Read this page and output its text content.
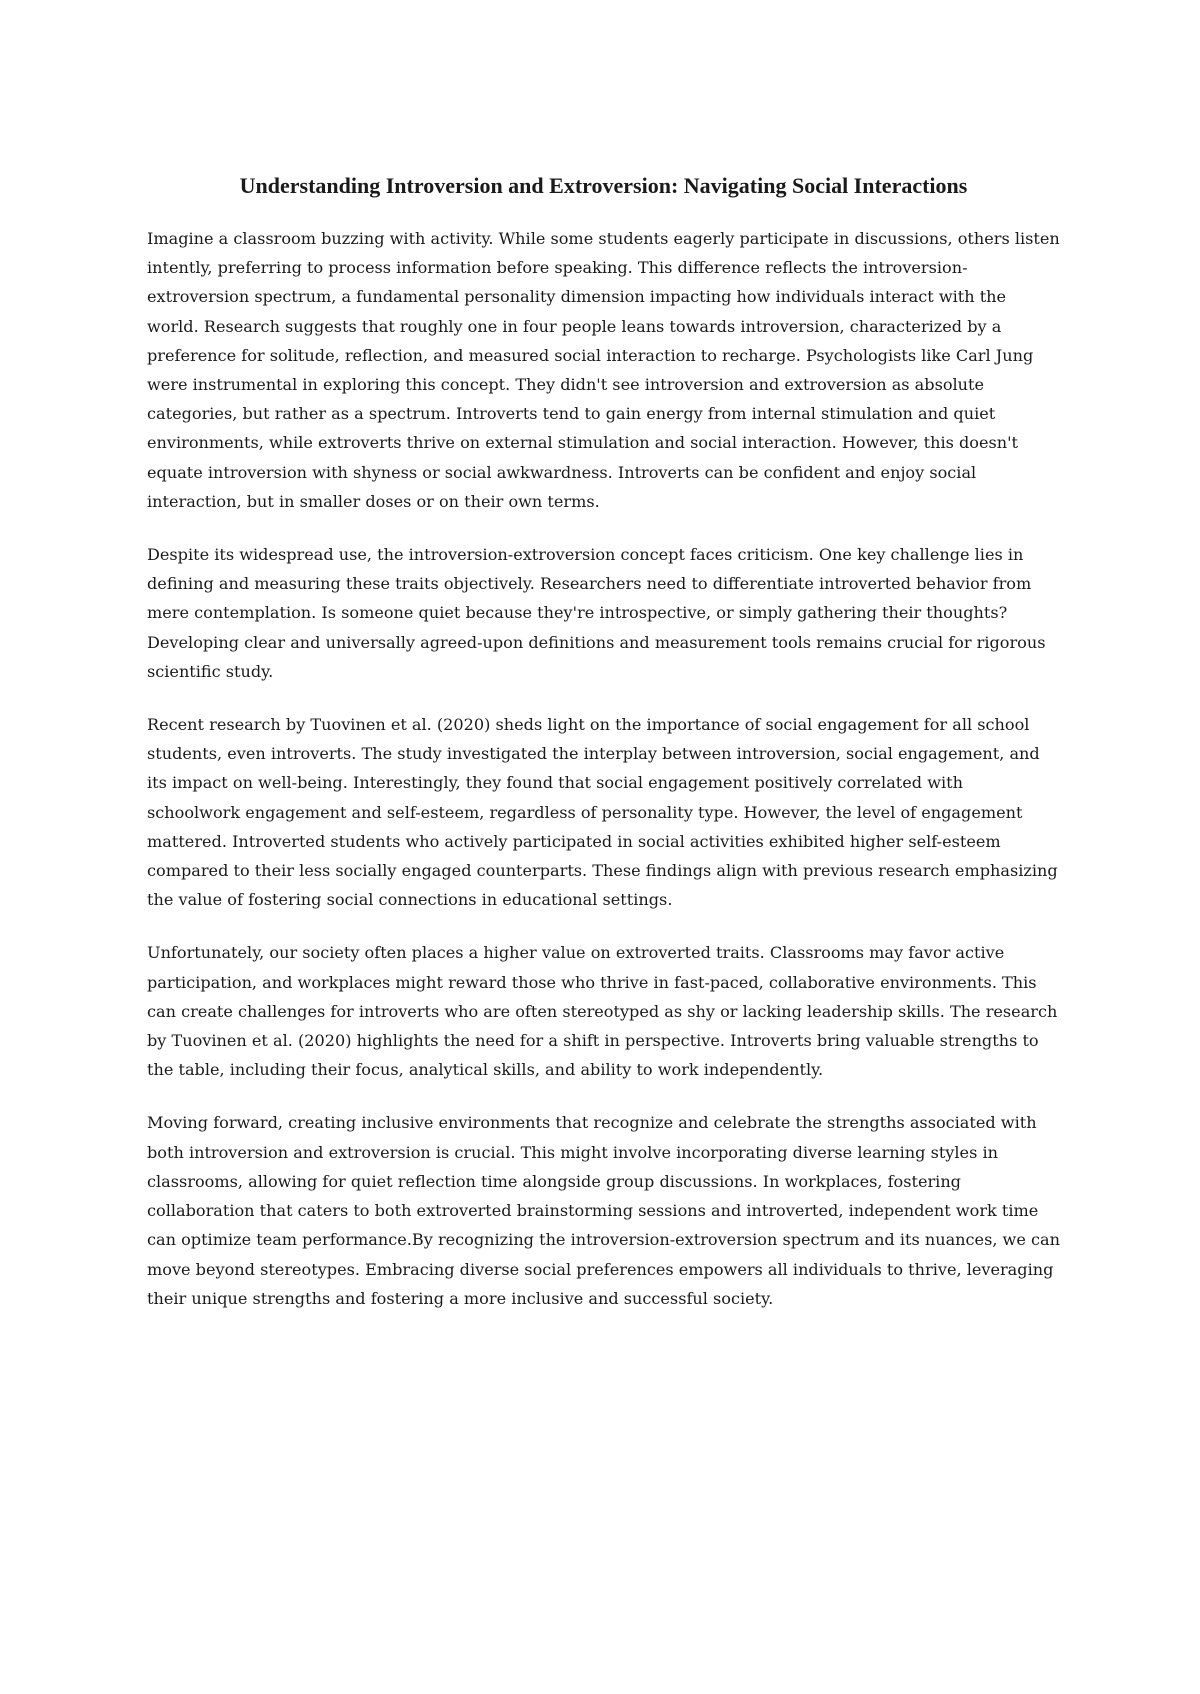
Understanding Introversion and Extroversion: Navigating Social Interactions

Imagine a classroom buzzing with activity. While some students eagerly participate in discussions, others listen intently, preferring to process information before speaking. This difference reflects the introversion-extroversion spectrum, a fundamental personality dimension impacting how individuals interact with the world. Research suggests that roughly one in four people leans towards introversion, characterized by a preference for solitude, reflection, and measured social interaction to recharge. Psychologists like Carl Jung were instrumental in exploring this concept. They didn't see introversion and extroversion as absolute categories, but rather as a spectrum. Introverts tend to gain energy from internal stimulation and quiet environments, while extroverts thrive on external stimulation and social interaction. However, this doesn't equate introversion with shyness or social awkwardness. Introverts can be confident and enjoy social interaction, but in smaller doses or on their own terms.

Despite its widespread use, the introversion-extroversion concept faces criticism. One key challenge lies in defining and measuring these traits objectively. Researchers need to differentiate introverted behavior from mere contemplation. Is someone quiet because they're introspective, or simply gathering their thoughts? Developing clear and universally agreed-upon definitions and measurement tools remains crucial for rigorous scientific study.

Recent research by Tuovinen et al. (2020) sheds light on the importance of social engagement for all school students, even introverts. The study investigated the interplay between introversion, social engagement, and its impact on well-being. Interestingly, they found that social engagement positively correlated with schoolwork engagement and self-esteem, regardless of personality type. However, the level of engagement mattered. Introverted students who actively participated in social activities exhibited higher self-esteem compared to their less socially engaged counterparts. These findings align with previous research emphasizing the value of fostering social connections in educational settings.

Unfortunately, our society often places a higher value on extroverted traits. Classrooms may favor active participation, and workplaces might reward those who thrive in fast-paced, collaborative environments. This can create challenges for introverts who are often stereotyped as shy or lacking leadership skills. The research by Tuovinen et al. (2020) highlights the need for a shift in perspective. Introverts bring valuable strengths to the table, including their focus, analytical skills, and ability to work independently.

Moving forward, creating inclusive environments that recognize and celebrate the strengths associated with both introversion and extroversion is crucial. This might involve incorporating diverse learning styles in classrooms, allowing for quiet reflection time alongside group discussions. In workplaces, fostering collaboration that caters to both extroverted brainstorming sessions and introverted, independent work time can optimize team performance.By recognizing the introversion-extroversion spectrum and its nuances, we can move beyond stereotypes. Embracing diverse social preferences empowers all individuals to thrive, leveraging their unique strengths and fostering a more inclusive and successful society.
